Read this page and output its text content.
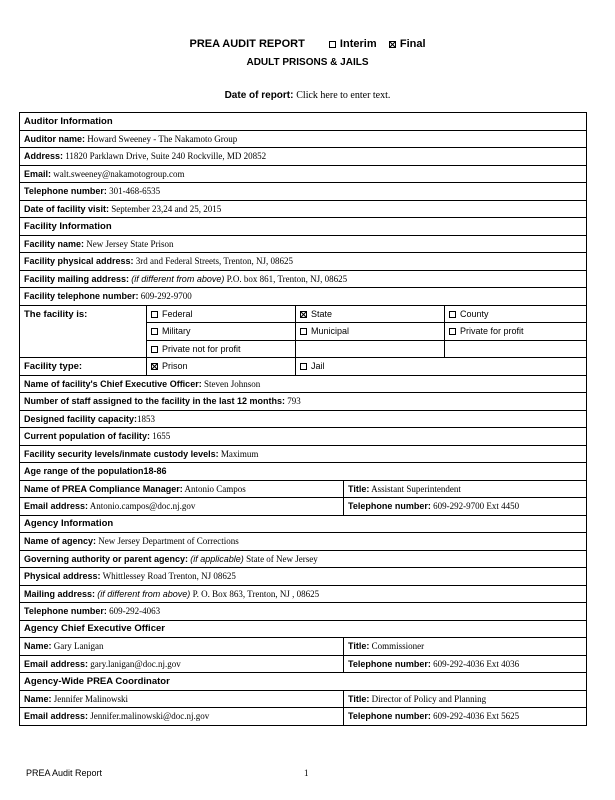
PREA AUDIT REPORT	Interim Final
ADULT PRISONS & JAILS
Date of report: Click here to enter text.
Auditor Information				
Auditor name: Howard Sweeney - The Nakamoto Group				
Address: 11820 Parklawn Drive, Suite 240 Rockville, MD 20852				
Email: walt.sweeney@nakamotogroup.com				
Telephone number: 301-468-6535				
Date of facility visit: September 23,24 and 25, 2015				
Facility Information				
Facility name: New Jersey State Prison				
Facility physical address: 3rd and Federal Streets, Trenton, NJ, 08625				
Facility mailing address: (if different from above) P.O. box 861, Trenton, NJ, 08625				
Facility telephone number: 609-292-9700				
The facility is:	Federal	State		County
	Military	Municipal		Private for profit
	Private not for profit			
Facility type:	Prison	Jail		
Name of facility's Chief Executive Officer: Steven Johnson				
Number of staff assigned to the facility in the last 12 months: 793				
Designed facility capacity:1853				
Current population of facility: 1655				
Facility security levels/inmate custody levels: Maximum				
Age range of the population18-86				
Name of PREA Compliance Manager: Antonio Campos			Title: Assistant Superintendent	
Email address: Antonio.campos@doc.nj.gov			Telephone number: 609-292-9700 Ext 4450	
Agency Information				
Name of agency: New Jersey Department of Corrections				
Governing authority or parent agency: (if applicable) State of New Jersey				
Physical address: Whittlessey Road Trenton, NJ 08625				
Mailing address: (if different from above) P. O. Box 863, Trenton, NJ , 08625				
Telephone number: 609-292-4063				
Agency Chief Executive Officer				
Name: Gary Lanigan			Title: Commissioner	
Email address: gary.lanigan@doc.nj.gov			Telephone number: 609-292-4036 Ext 4036	
Agency-Wide PREA Coordinator				
Name: Jennifer Malinowski			Title: Director of Policy and Planning	
Email address: Jennifer.malinowski@doc.nj.gov			Telephone number: 609-292-4036 Ext 5625	
PREA Audit Report	1
